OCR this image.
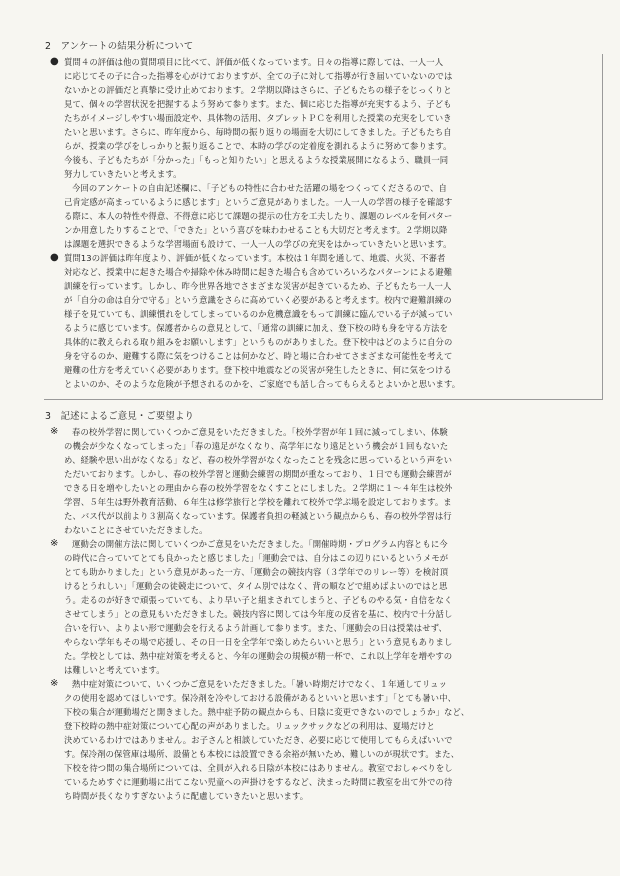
2　アンケートの結果分析について
● 質問４の評価は他の質問項目に比べて、評価が低くなっています。日々の指導に際しては、一人一人
に応じてその子に合った指導を心がけておりますが、全ての子に対して指導が行き届いていないのでは
ないかとの評価だと真摯に受け止めております。２学期以降はさらに、子どもたちの様子をじっくりと
見て、個々の学習状況を把握するよう努めて参ります。また、個に応じた指導が充実するよう、子ども
たちがイメージしやすい場面設定や、具体物の活用、タブレットＰＣを利用した授業の充実をしていき
たいと思います。さらに、昨年度から、毎時間の振り返りの場面を大切にしてきました。子どもたち自
らが、授業の学びをしっかりと振り返ることで、本時の学びの定着度を測れるように努めて参ります。
今後も、子どもたちが「分かった」「もっと知りたい」と思えるような授業展開になるよう、職員一同
努力していきたいと考えます。
今回のアンケートの自由記述欄に、「子どもの特性に合わせた活躍の場をつくってくださるので、自
己肯定感が高まっているように感じます」というご意見がありました。一人一人の学習の様子を確認す
る際に、本人の特性や得意、不得意に応じて課題の提示の仕方を工夫したり、課題のレベルを何パター
ンか用意したりすることで、「できた」という喜びを味わわせることも大切だと考えます。２学期以降
は課題を選択できるような学習場面も設けて、一人一人の学びの充実をはかっていきたいと思います。
● 質問13の評価は昨年度より、評価が低くなっています。本校は１年間を通して、地震、火災、不審者
対応など、授業中に起きた場合や掃除や休み時間に起きた場合も含めていろいろなパターンによる避難
訓練を行っています。しかし、昨今世界各地でさまざまな災害が起きているため、子どもたち一人一人
が「自分の命は自分で守る」という意識をさらに高めていく必要があると考えます。校内で避難訓練の
様子を見ていても、訓練慣れをしてしまっているのか危機意識をもって訓練に臨んでいる子が減ってい
るように感じています。保護者からの意見として、「通常の訓練に加え、登下校の時も身を守る方法を
具体的に教えられる取り組みをお願いします」というものがありました。登下校中はどのように自分の
身を守るのか、避難する際に気をつけることは何かなど、時と場に合わせてさまざまな可能性を考えて
避難の仕方を考えていく必要があります。登下校中地震などの災害が発生したときに、何に気をつける
とよいのか、そのような危険が予想されるのかを、ご家庭でも話し合ってもらえるとよいかと思います。
3　記述によるご意見・ご要望より
※ 春の校外学習に関していくつかご意見をいただきました。「校外学習が年１回に減ってしまい、体験
の機会が少なくなってしまった」「春の遠足がなくなり、高学年になり遠足という機会が１回もないた
め、経験や思い出がなくなる」など、春の校外学習がなくなったことを残念に思っているという声をい
ただいております。しかし、春の校外学習と運動会練習の期間が重なっており、１日でも運動会練習が
できる日を増やしたいとの理由から春の校外学習をなくすことにしました。２学期に１～４年生は校外
学習、５年生は野外教育活動、６年生は修学旅行と学校を離れて校外で学ぶ場を設定しております。ま
た、バス代が以前より３割高くなっています。保護者負担の軽減という観点からも、春の校外学習は行
わないことにさせていただきました。
※ 運動会の開催方法に関していくつかご意見をいただきました。「開催時期・プログラム内容ともに今
の時代に合っていてとても良かったと感じました」「運動会では、自分はこの辺りにいるというメモが
とても助かりました」という意見があった一方、「運動会の競技内容（３学年でのリレー等）を検討頂
けるとうれしい」「運動会の徒競走について、タイム別ではなく、背の順などで組めばよいのではと思
う。走るのが好きで頑張っていても、より早い子と組まされてしまうと、子どものやる気・自信をなく
させてしまう」との意見もいただきました。競技内容に関しては今年度の反省を基に、校内で十分話し
合いを行い、よりよい形で運動会を行えるよう計画して参ります。また、「運動会の日は授業はせず、
やらない学年もその場で応援し、その日一日を全学年で楽しめたらいいと思う」という意見もありまし
た。学校としては、熱中症対策を考えると、今年の運動会の規模が精一杯で、これ以上学年を増やすの
は難しいと考えています。
※ 熱中症対策について、いくつかご意見をいただきました。「暑い時期だけでなく、１年通してリュッ
クの使用を認めてほしいです。保冷剤を冷やしておける設備があるといいと思います」「とても暑い中、
下校の集合が運動場だと開きました。熱中症予防の観点からも、日陰に変更できないのでしょうか」など、
登下校時の熱中症対策について心配の声がありました。リュックサックなどの利用は、夏場だけと
決めているわけではありません。お子さんと相談していただき、必要に応じて使用してもらえばいいで
す。保冷剤の保管庫は場所、設備とも本校には設置できる余裕が無いため、難しいのが現状です。また、
下校を待つ間の集合場所については、全員が入れる日陰が本校にはありません。教室でおしゃべりをし
ているためすぐに運動場に出てこない児童への声掛けをするなど、決まった時間に教室を出て外での待
ち時間が長くなりすぎないように配慮していきたいと思います。
